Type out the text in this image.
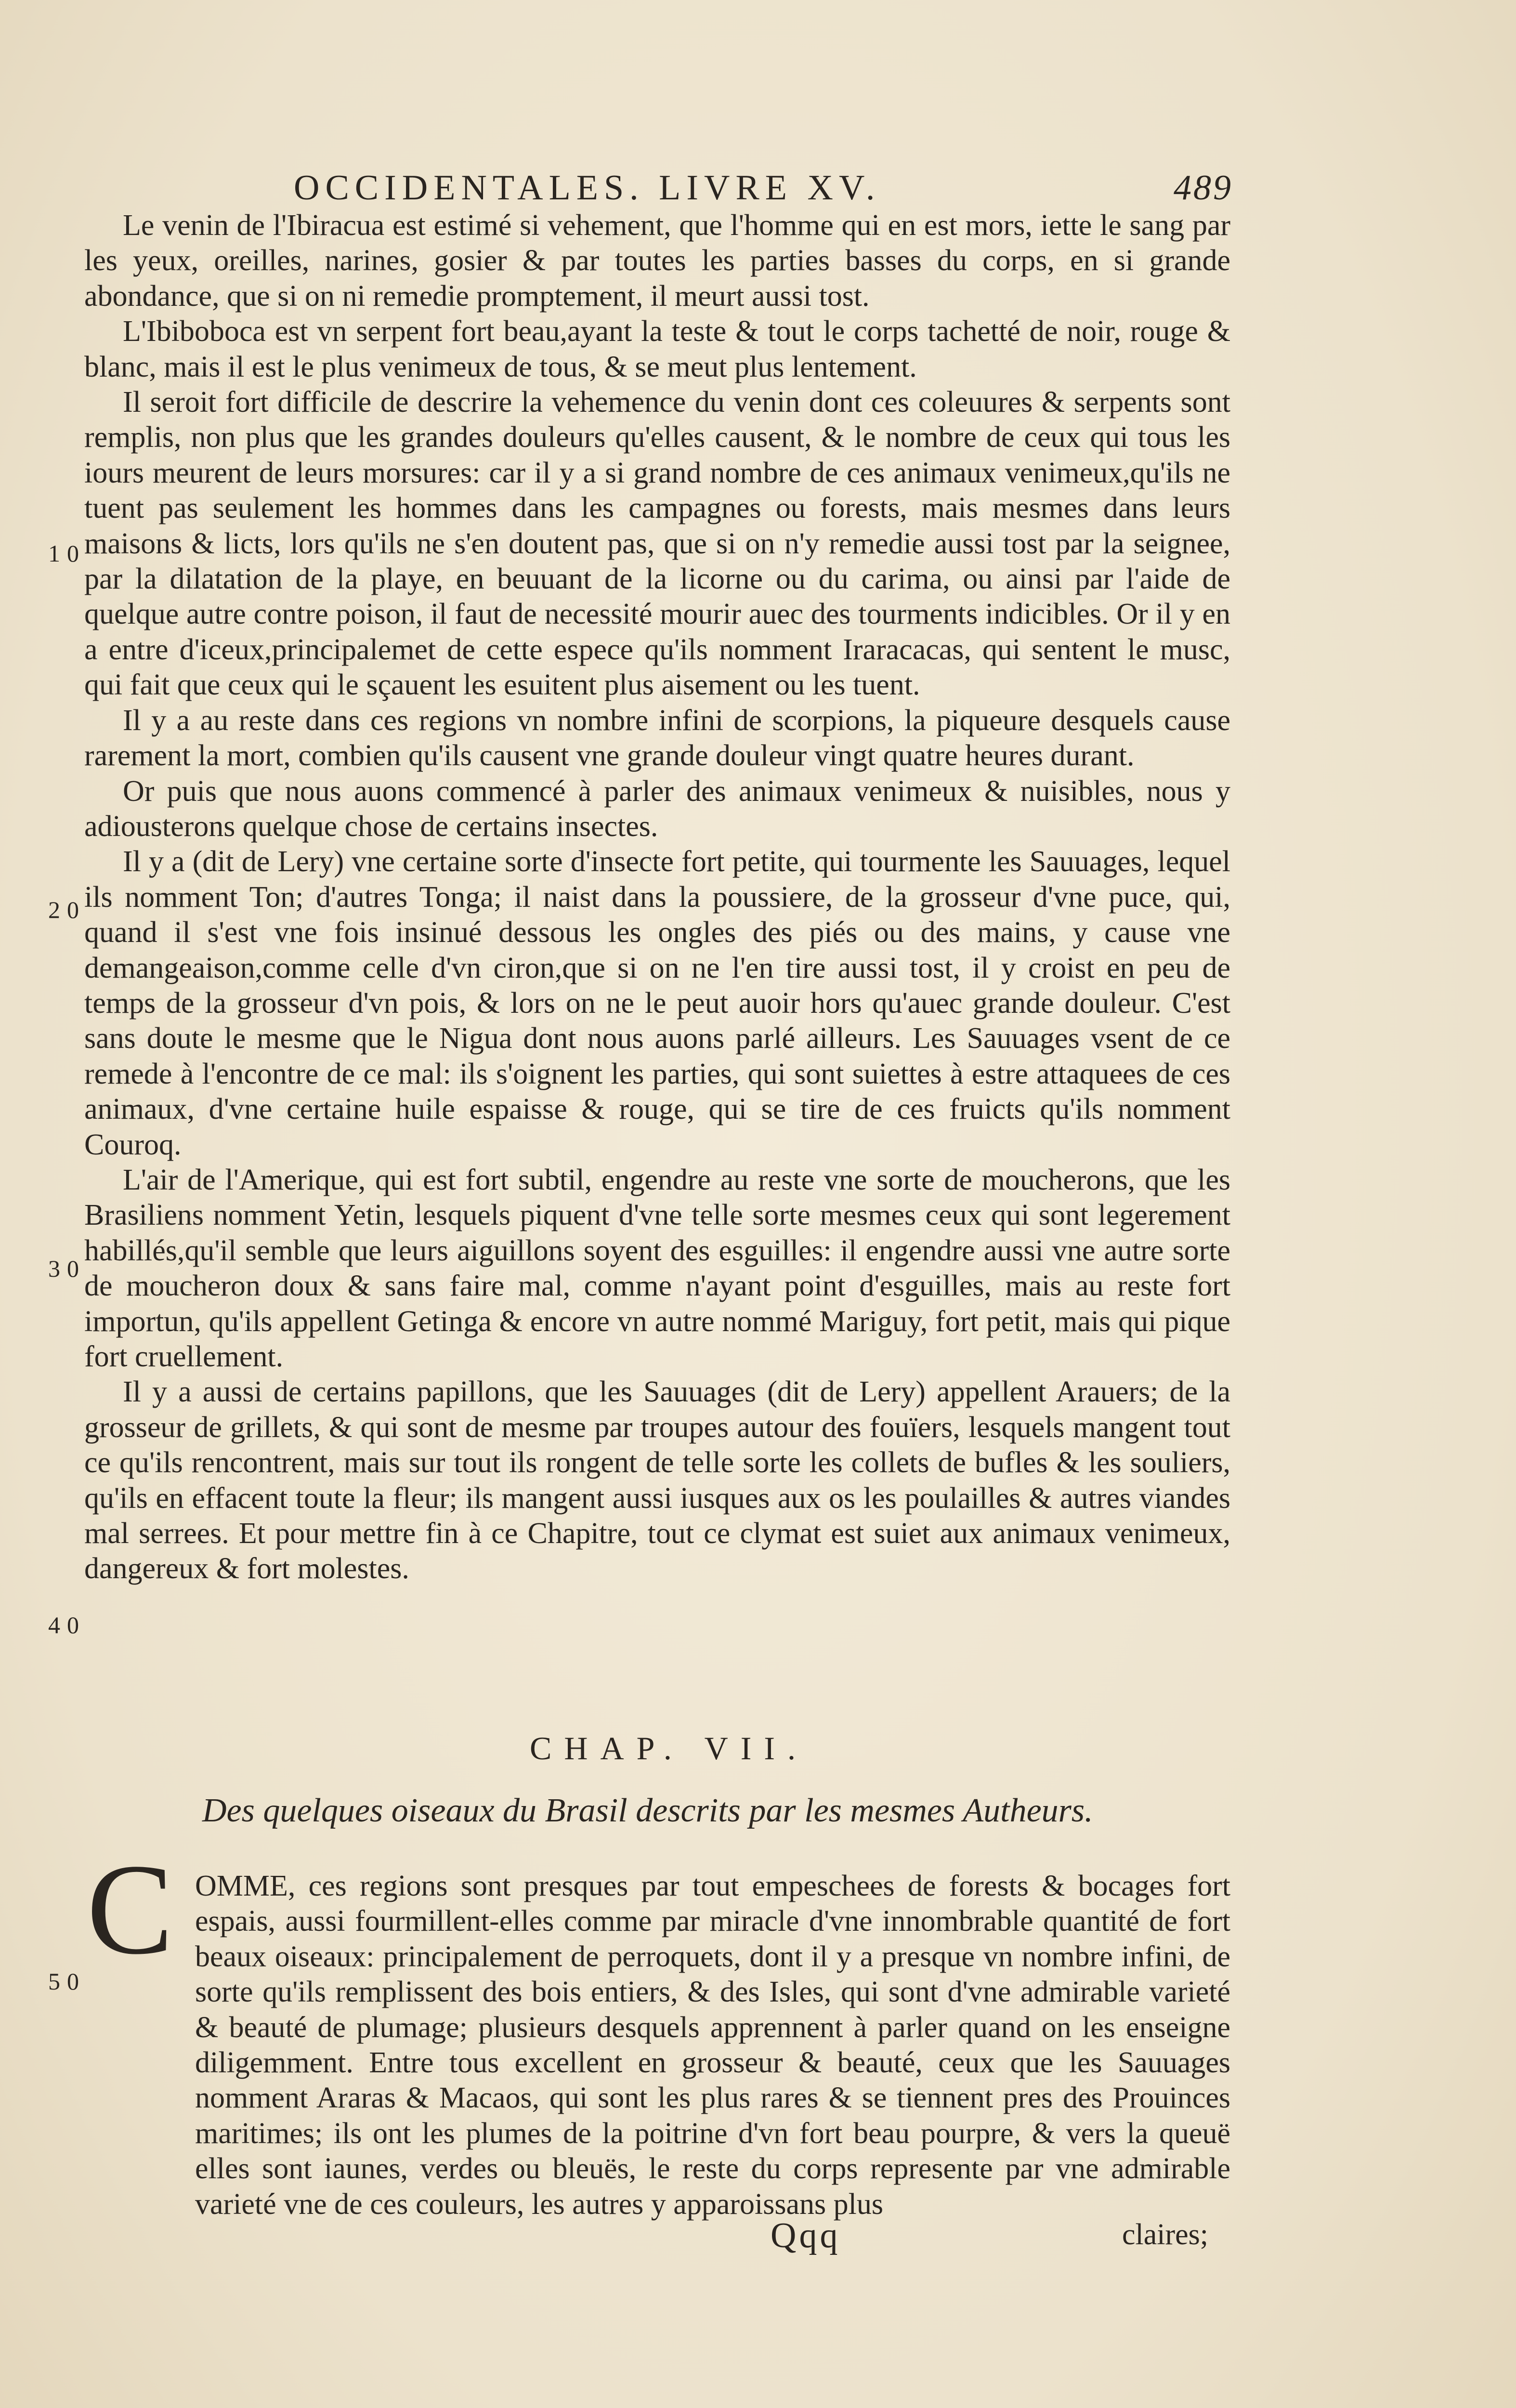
OCCIDENTALES. LIVRE XV.	489
10
20
30
40
50

Le venin de l'Ibiracua est estimé si vehement, que l'homme qui en est mors, iette le sang par les yeux, oreilles, narines, gosier & par toutes les parties basses du corps, en si grande abondance, que si on ni remedie promptement, il meurt aussi tost.

L'Ibiboboca est vn serpent fort beau,ayant la teste & tout le corps tachetté de noir, rouge & blanc, mais il est le plus venimeux de tous, & se meut plus lentement.

Il seroit fort difficile de descrire la vehemence du venin dont ces coleuures & serpents sont remplis, non plus que les grandes douleurs qu'elles causent, & le nombre de ceux qui tous les iours meurent de leurs morsures: car il y a si grand nombre de ces animaux venimeux,qu'ils ne tuent pas seulement les hommes dans les campagnes ou forests, mais mesmes dans leurs maisons & licts, lors qu'ils ne s'en doutent pas, que si on n'y remedie aussi tost par la seignee, par la dilatation de la playe, en beuuant de la licorne ou du carima, ou ainsi par l'aide de quelque autre contre poison, il faut de necessité mourir auec des tourments indicibles. Or il y en a entre d'iceux,principalemet de cette espece qu'ils nomment Iraracacas, qui sentent le musc, qui fait que ceux qui le sçauent les esuitent plus aisement ou les tuent.

Il y a au reste dans ces regions vn nombre infini de scorpions, la piqueure desquels cause rarement la mort, combien qu'ils causent vne grande douleur vingt quatre heures durant.

Or puis que nous auons commencé à parler des animaux venimeux & nuisibles, nous y adiousterons quelque chose de certains insectes.

Il y a (dit de Lery) vne certaine sorte d'insecte fort petite, qui tourmente les Sauuages, lequel ils nomment Ton; d'autres Tonga; il naist dans la poussiere, de la grosseur d'vne puce, qui, quand il s'est vne fois insinué dessous les ongles des piés ou des mains, y cause vne demangeaison,comme celle d'vn ciron,que si on ne l'en tire aussi tost, il y croist en peu de temps de la grosseur d'vn pois, & lors on ne le peut auoir hors qu'auec grande douleur. C'est sans doute le mesme que le Nigua dont nous auons parlé ailleurs. Les Sauuages vsent de ce remede à l'encontre de ce mal: ils s'oignent les parties, qui sont suiettes à estre attaquees de ces animaux, d'vne certaine huile espaisse & rouge, qui se tire de ces fruicts qu'ils nomment Couroq.

L'air de l'Amerique, qui est fort subtil, engendre au reste vne sorte de moucherons, que les Brasiliens nomment Yetin, lesquels piquent d'vne telle sorte mesmes ceux qui sont legerement habillés,qu'il semble que leurs aiguillons soyent des esguilles: il engendre aussi vne autre sorte de moucheron doux & sans faire mal, comme n'ayant point d'esguilles, mais au reste fort importun, qu'ils appellent Getinga & encore vn autre nommé Mariguy, fort petit, mais qui pique fort cruellement.

Il y a aussi de certains papillons, que les Sauuages (dit de Lery) appellent Arauers; de la grosseur de grillets, & qui sont de mesme par troupes autour des fouïers, lesquels mangent tout ce qu'ils rencontrent, mais sur tout ils rongent de telle sorte les collets de bufles & les souliers, qu'ils en effacent toute la fleur; ils mangent aussi iusques aux os les poulailles & autres viandes mal serrees. Et pour mettre fin à ce Chapitre, tout ce clymat est suiet aux animaux venimeux, dangereux & fort molestes.

CHAP. VII.
Des quelques oiseaux du Brasil descrits par les mesmes Autheurs.
C OMME, ces regions sont presques par tout empeschees de forests & bocages fort espais, aussi fourmillent-elles comme par miracle d'vne innombrable quantité de fort beaux oiseaux: principalement de perroquets, dont il y a presque vn nombre infini, de sorte qu'ils remplissent des bois entiers, & des Isles, qui sont d'vne admirable varieté & beauté de plumage; plusieurs desquels apprennent à parler quand on les enseigne diligemment. Entre tous excellent en grosseur & beauté, ceux que les Sauuages nomment Araras & Macaos, qui sont les plus rares & se tiennent pres des Prouinces maritimes; ils ont les plumes de la poitrine d'vn fort beau pourpre, & vers la queuë elles sont iaunes, verdes ou bleuës, le reste du corps represente par vne admirable varieté vne de ces couleurs, les autres y apparoissans plus

Qqq	claires;
